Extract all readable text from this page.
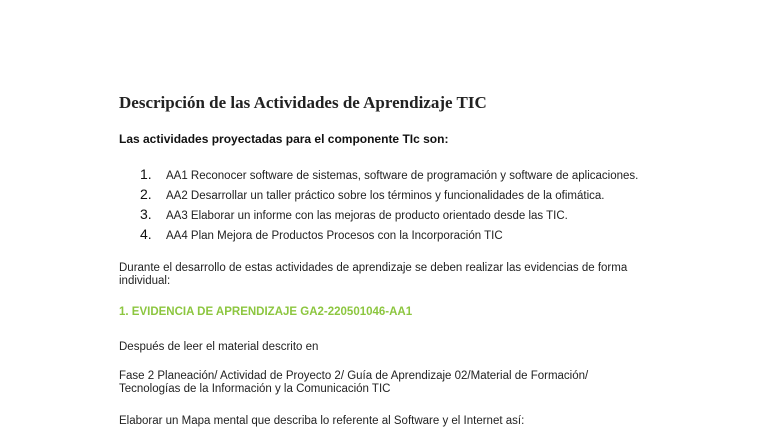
Descripción de las Actividades de Aprendizaje TIC
Las actividades proyectadas para el componente TIc son:
1.	AA1 Reconocer software de sistemas, software de programación y software de aplicaciones.
2.	AA2 Desarrollar un taller práctico sobre los términos y funcionalidades de la ofimática.
3.	AA3 Elaborar un informe con las mejoras de producto orientado desde las TIC.
4.	AA4 Plan Mejora de Productos Procesos con la Incorporación TIC
Durante el desarrollo de estas actividades de aprendizaje se deben realizar las evidencias de forma
individual:
1. EVIDENCIA DE APRENDIZAJE GA2-220501046-AA1
Después de leer el material descrito en
Fase 2 Planeación/ Actividad de Proyecto 2/ Guía de Aprendizaje 02/Material de Formación/
Tecnologías de la Información y la Comunicación TIC
Elaborar un Mapa mental que describa lo referente al Software y el Internet así:
